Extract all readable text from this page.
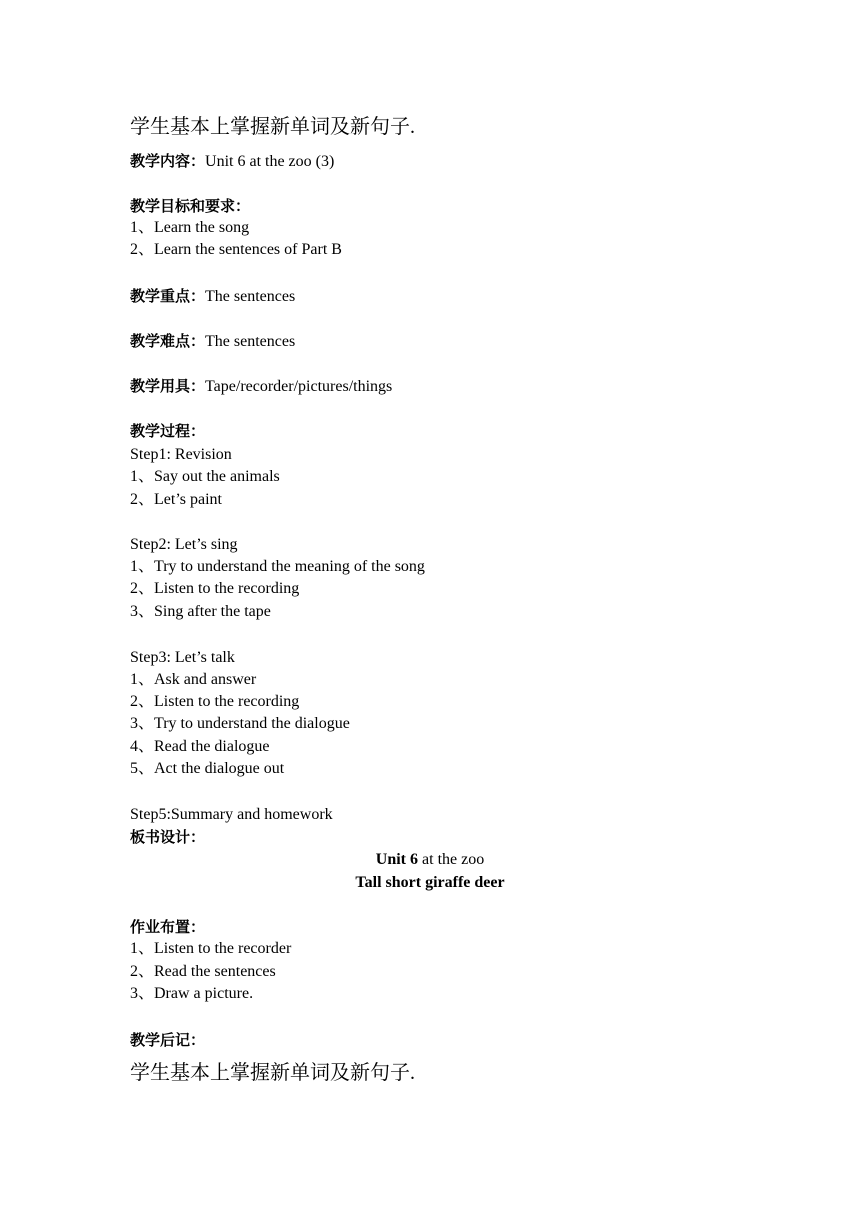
学生基本上掌握新单词及新句子.
教学内容：Unit 6 at the zoo (3)
教学目标和要求：
1、Learn the song
2、Learn the sentences of Part B
教学重点：The sentences
教学难点：The sentences
教学用具：Tape/recorder/pictures/things
教学过程：
Step1: Revision
1、Say out the animals
2、Let’s paint
Step2: Let’s sing
1、Try to understand the meaning of the song
2、Listen to the recording
3、Sing after the tape
Step3: Let’s talk
1、Ask and answer
2、Listen to the recording
3、Try to understand the dialogue
4、Read the dialogue
5、Act the dialogue out
Step5:Summary and homework
板书设计：
Unit 6 at the zoo
Tall short giraffe deer
作业布置：
1、Listen to the recorder
2、Read the sentences
3、Draw a picture.
教学后记：
学生基本上掌握新单词及新句子.
